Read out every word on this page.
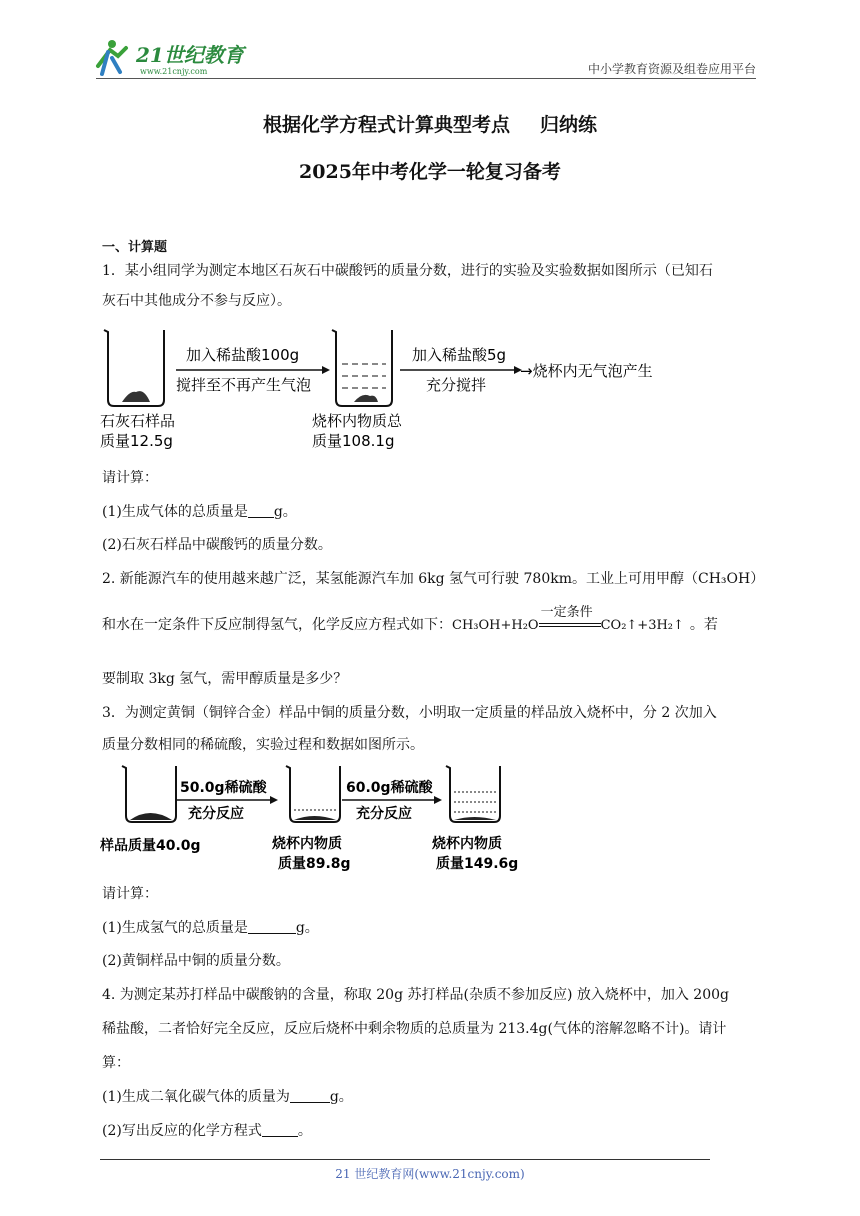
21世纪教育
www.21cnjy.com	中小学教育资源及组卷应用平台
根据化学方程式计算典型考点 归纳练
2025年中考化学一轮复习备考
一、计算题
1．某小组同学为测定本地区石灰石中碳酸钙的质量分数，进行的实验及实验数据如图所示（已知石
灰石中其他成分不参与反应）。
加入稀盐酸100g
搅拌至不再产生气泡
加入稀盐酸5g
充分搅拌
→烧杯内无气泡产生
石灰石样品
质量12.5g
烧杯内物质总
质量108.1g
请计算：
(1)生成气体的总质量是 g。
(2)石灰石样品中碳酸钙的质量分数。
2. 新能源汽车的使用越来越广泛，某氢能源汽车加 6kg 氢气可行驶 780km。工业上可用甲醇（CH₃OH）
和水在一定条件下反应制得氢气，化学反应方程式如下：CH₃OH+H₂O
一定条件
CO₂↑+3H₂↑ 。若
要制取 3kg 氢气，需甲醇质量是多少？
3．为测定黄铜（铜锌合金）样品中铜的质量分数，小明取一定质量的样品放入烧杯中，分 2 次加入
质量分数相同的稀硫酸，实验过程和数据如图所示。
50.0g稀硫酸
充分反应
60.0g稀硫酸
充分反应
样品质量40.0g	烧杯内物质
质量89.8g
烧杯内物质
质量149.6g
请计算：
(1)生成氢气的总质量是	g。
(2)黄铜样品中铜的质量分数。
4. 为测定某苏打样品中碳酸钠的含量，称取 20g 苏打样品(杂质不参加反应) 放入烧杯中，加入 200g
稀盐酸，二者恰好完全反应，反应后烧杯中剩余物质的总质量为 213.4g(气体的溶解忽略不计)。请计
算：
(1)生成二氧化碳气体的质量为	g。
(2)写出反应的化学方程式	。
21 世纪教育网(www.21cnjy.com)
